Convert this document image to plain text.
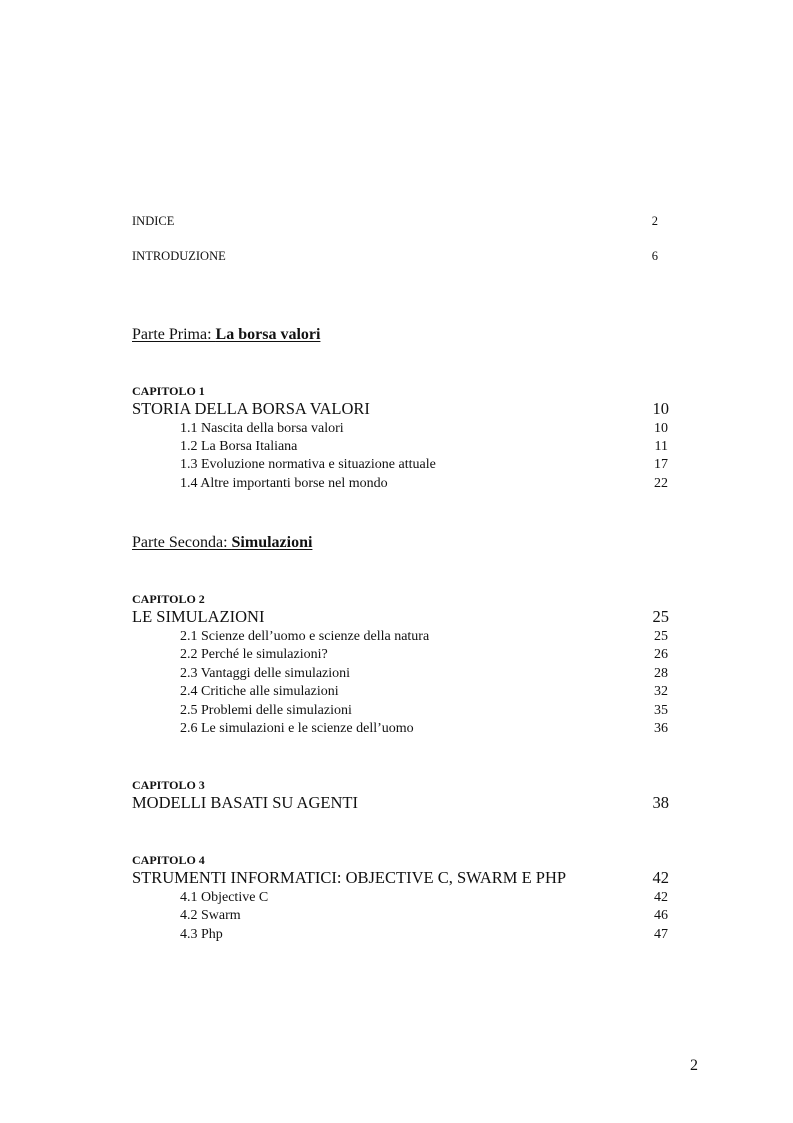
INDICE	2
INTRODUZIONE	6
Parte Prima: La borsa valori
CAPITOLO 1
STORIA DELLA BORSA VALORI	10
1.1 Nascita della borsa valori	10
1.2 La Borsa Italiana	11
1.3 Evoluzione normativa e situazione attuale	17
1.4 Altre importanti borse nel mondo	22
Parte Seconda: Simulazioni
CAPITOLO 2
LE SIMULAZIONI	25
2.1 Scienze dell’uomo e scienze della natura	25
2.2 Perché le simulazioni?	26
2.3 Vantaggi delle simulazioni	28
2.4 Critiche alle simulazioni	32
2.5 Problemi delle simulazioni	35
2.6 Le simulazioni e le scienze dell’uomo	36
CAPITOLO 3
MODELLI BASATI SU AGENTI	38
CAPITOLO 4
STRUMENTI INFORMATICI: OBJECTIVE C, SWARM E PHP	42
4.1 Objective C	42
4.2 Swarm	46
4.3 Php	47
2
